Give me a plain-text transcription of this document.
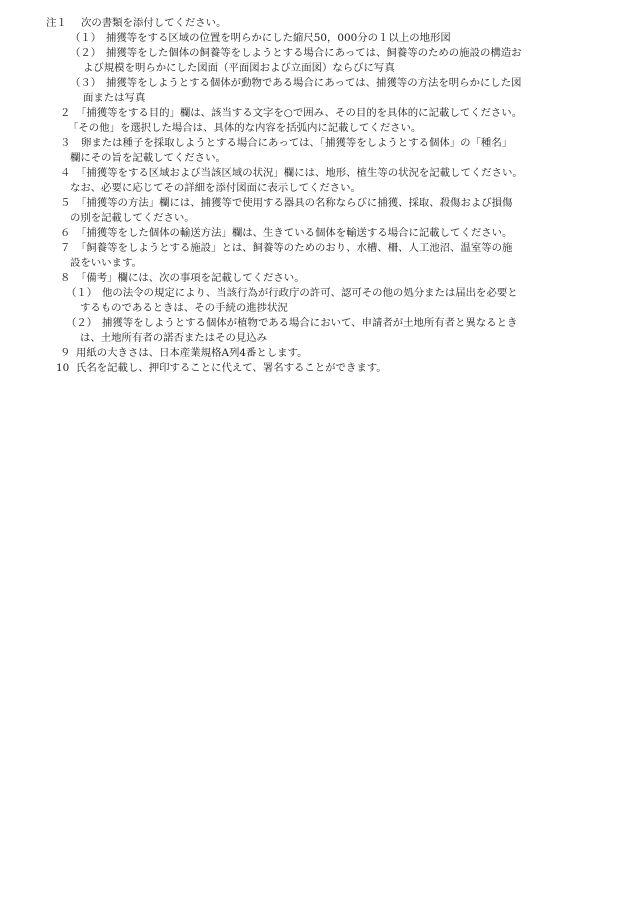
注１ 次の書類を添付してください。
（１） 捕獲等をする区域の位置を明らかにした縮尺50，000分の１以上の地形図
（２） 捕獲等をした個体の飼養等をしようとする場合にあっては、飼養等のための施設の構造お
よび規模を明らかにした図面（平面図および立面図）ならびに写真
（３） 捕獲等をしようとする個体が動物である場合にあっては、捕獲等の方法を明らかにした図
面または写真
２ 「捕獲等をする目的」欄は、該当する文字を○で囲み、その目的を具体的に記載してください。
「その他」を選択した場合は、具体的な内容を括弧内に記載してください。
３ 卵または種子を採取しようとする場合にあっては、「捕獲等をしようとする個体」の「種名」
欄にその旨を記載してください。
４ 「捕獲等をする区域および当該区域の状況」欄には、地形、植生等の状況を記載してください。
なお、必要に応じてその詳細を添付図面に表示してください。
５ 「捕獲等の方法」欄には、捕獲等で使用する器具の名称ならびに捕獲、採取、殺傷および損傷
の別を記載してください。
６ 「捕獲等をした個体の輸送方法」欄は、生きている個体を輸送する場合に記載してください。
７ 「飼養等をしようとする施設」とは、飼養等のためのおり、水槽、柵、人工池沼、温室等の施
設をいいます。
８ 「備考」欄には、次の事項を記載してください。
（１） 他の法令の規定により、当該行為が行政庁の許可、認可その他の処分または届出を必要と
するものであるときは、その手続の進捗状況
（２） 捕獲等をしようとする個体が植物である場合において、申請者が土地所有者と異なるとき
は、土地所有者の諾否またはその見込み
９ 用紙の大きさは、日本産業規格A列4番とします。
10 氏名を記載し、押印することに代えて、署名することができます。
